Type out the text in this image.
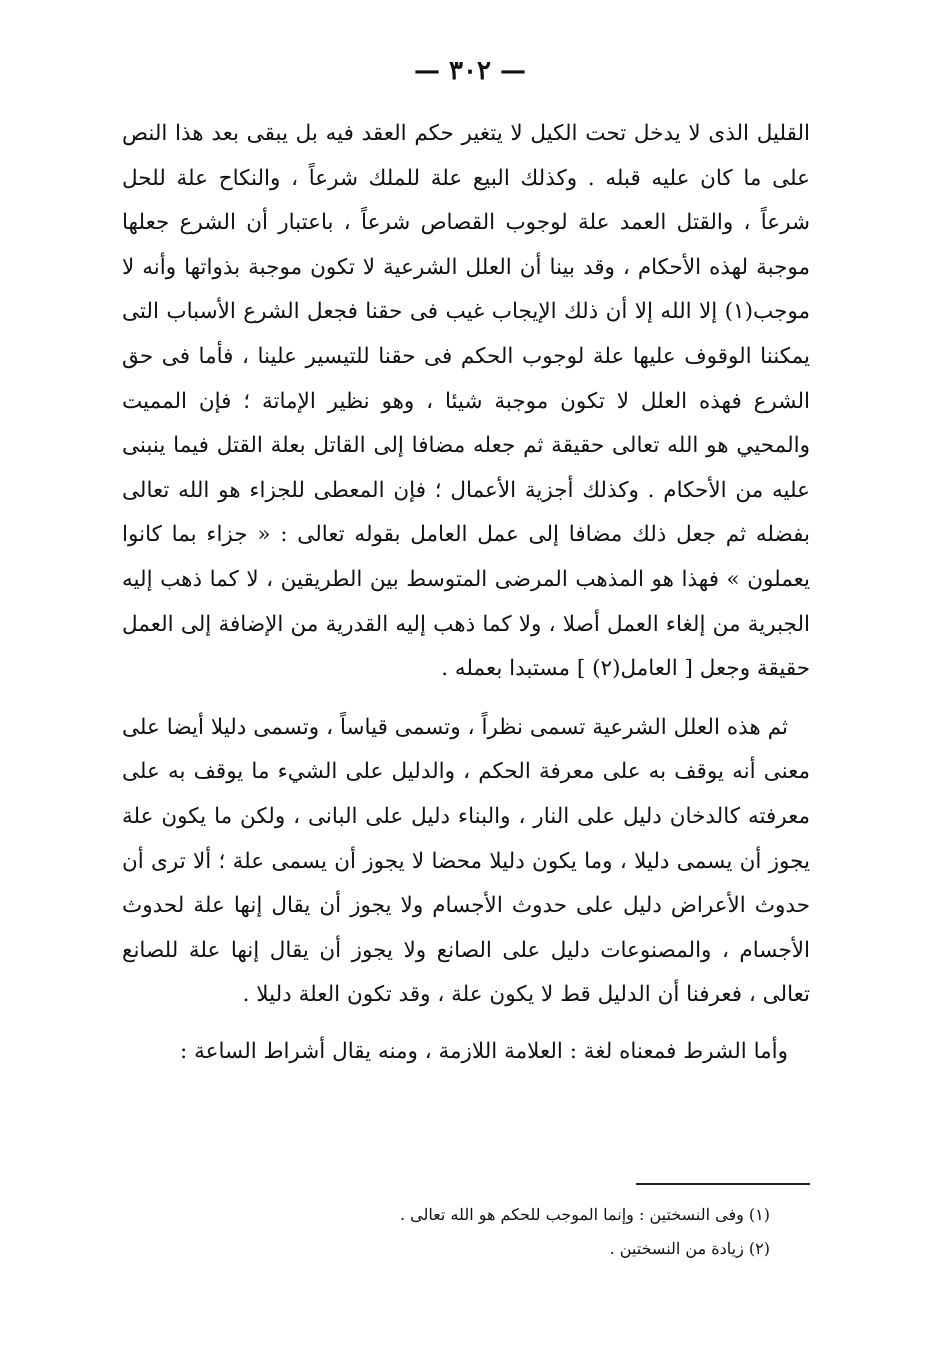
— ٣٠٢ —

القليل الذى لا يدخل تحت الكيل لا يتغير حكم العقد فيه بل يبقى بعد هذا النص على ما كان عليه قبله . وكذلك البيع علة للملك شرعاً ، والنكاح علة للحل شرعاً ، والقتل العمد علة لوجوب القصاص شرعاً ، باعتبار أن الشرع جعلها موجبة لهذه الأحكام ، وقد بينا أن العلل الشرعية لا تكون موجبة بذواتها وأنه لا موجب(١) إلا الله إلا أن ذلك الإيجاب غيب فى حقنا فجعل الشرع الأسباب التى يمكننا الوقوف عليها علة لوجوب الحكم فى حقنا للتيسير علينا ، فأما فى حق الشرع فهذه العلل لا تكون موجبة شيئا ، وهو نظير الإماتة ؛ فإن المميت والمحيي هو الله تعالى حقيقة ثم جعله مضافا إلى القاتل بعلة القتل فيما ينبنى عليه من الأحكام . وكذلك أجزية الأعمال ؛ فإن المعطى للجزاء هو الله تعالى بفضله ثم جعل ذلك مضافا إلى عمل العامل بقوله تعالى : « جزاء بما كانوا يعملون » فهذا هو المذهب المرضى المتوسط بين الطريقين ، لا كما ذهب إليه الجبرية من إلغاء العمل أصلا ، ولا كما ذهب إليه القدرية من الإضافة إلى العمل حقيقة وجعل [ العامل(٢) ] مستبدا بعمله .

ثم هذه العلل الشرعية تسمى نظراً ، وتسمى قياساً ، وتسمى دليلا أيضا على معنى أنه يوقف به على معرفة الحكم ، والدليل على الشيء ما يوقف به على معرفته كالدخان دليل على النار ، والبناء دليل على البانى ، ولكن ما يكون علة يجوز أن يسمى دليلا ، وما يكون دليلا محضا لا يجوز أن يسمى علة ؛ ألا ترى أن حدوث الأعراض دليل على حدوث الأجسام ولا يجوز أن يقال إنها علة لحدوث الأجسام ، والمصنوعات دليل على الصانع ولا يجوز أن يقال إنها علة للصانع تعالى ، فعرفنا أن الدليل قط لا يكون علة ، وقد تكون العلة دليلا .

وأما الشرط فمعناه لغة : العلامة اللازمة ، ومنه يقال أشراط الساعة :

(١) وفى النسختين : وإنما الموجب للحكم هو الله تعالى .

(٢) زيادة من النسختين .
